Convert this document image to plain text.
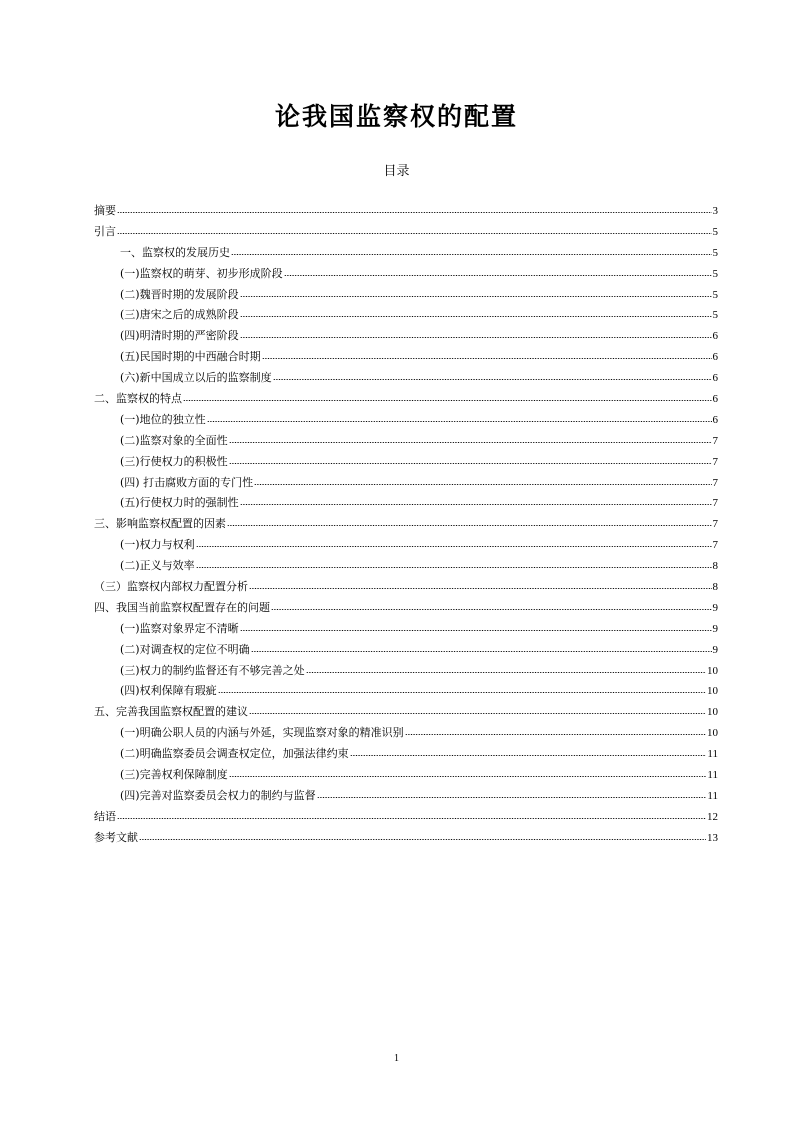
论我国监察权的配置
目录
摘要	3
引言	5
一、监察权的发展历史	5
(一)监察权的萌芽、初步形成阶段	5
(二)魏晋时期的发展阶段	5
(三)唐宋之后的成熟阶段	5
(四)明清时期的严密阶段	6
(五)民国时期的中西融合时期	6
(六)新中国成立以后的监察制度	6
二、监察权的特点	6
(一)地位的独立性	6
(二)监察对象的全面性	7
(三)行使权力的积极性	7
(四) 打击腐败方面的专门性	7
(五)行使权力时的强制性	7
三、影响监察权配置的因素	7
(一)权力与权利	7
(二)正义与效率	8
（三）监察权内部权力配置分析	8
四、我国当前监察权配置存在的问题	9
(一)监察对象界定不清晰	9
(二)对调查权的定位不明确	9
(三)权力的制约监督还有不够完善之处	10
(四)权利保障有瑕疵	10
五、完善我国监察权配置的建议	10
(一)明确公职人员的内涵与外延，实现监察对象的精准识别	10
(二)明确监察委员会调查权定位，加强法律约束	11
(三)完善权利保障制度	11
(四)完善对监察委员会权力的制约与监督	11
结语	12
参考文献	13
1
